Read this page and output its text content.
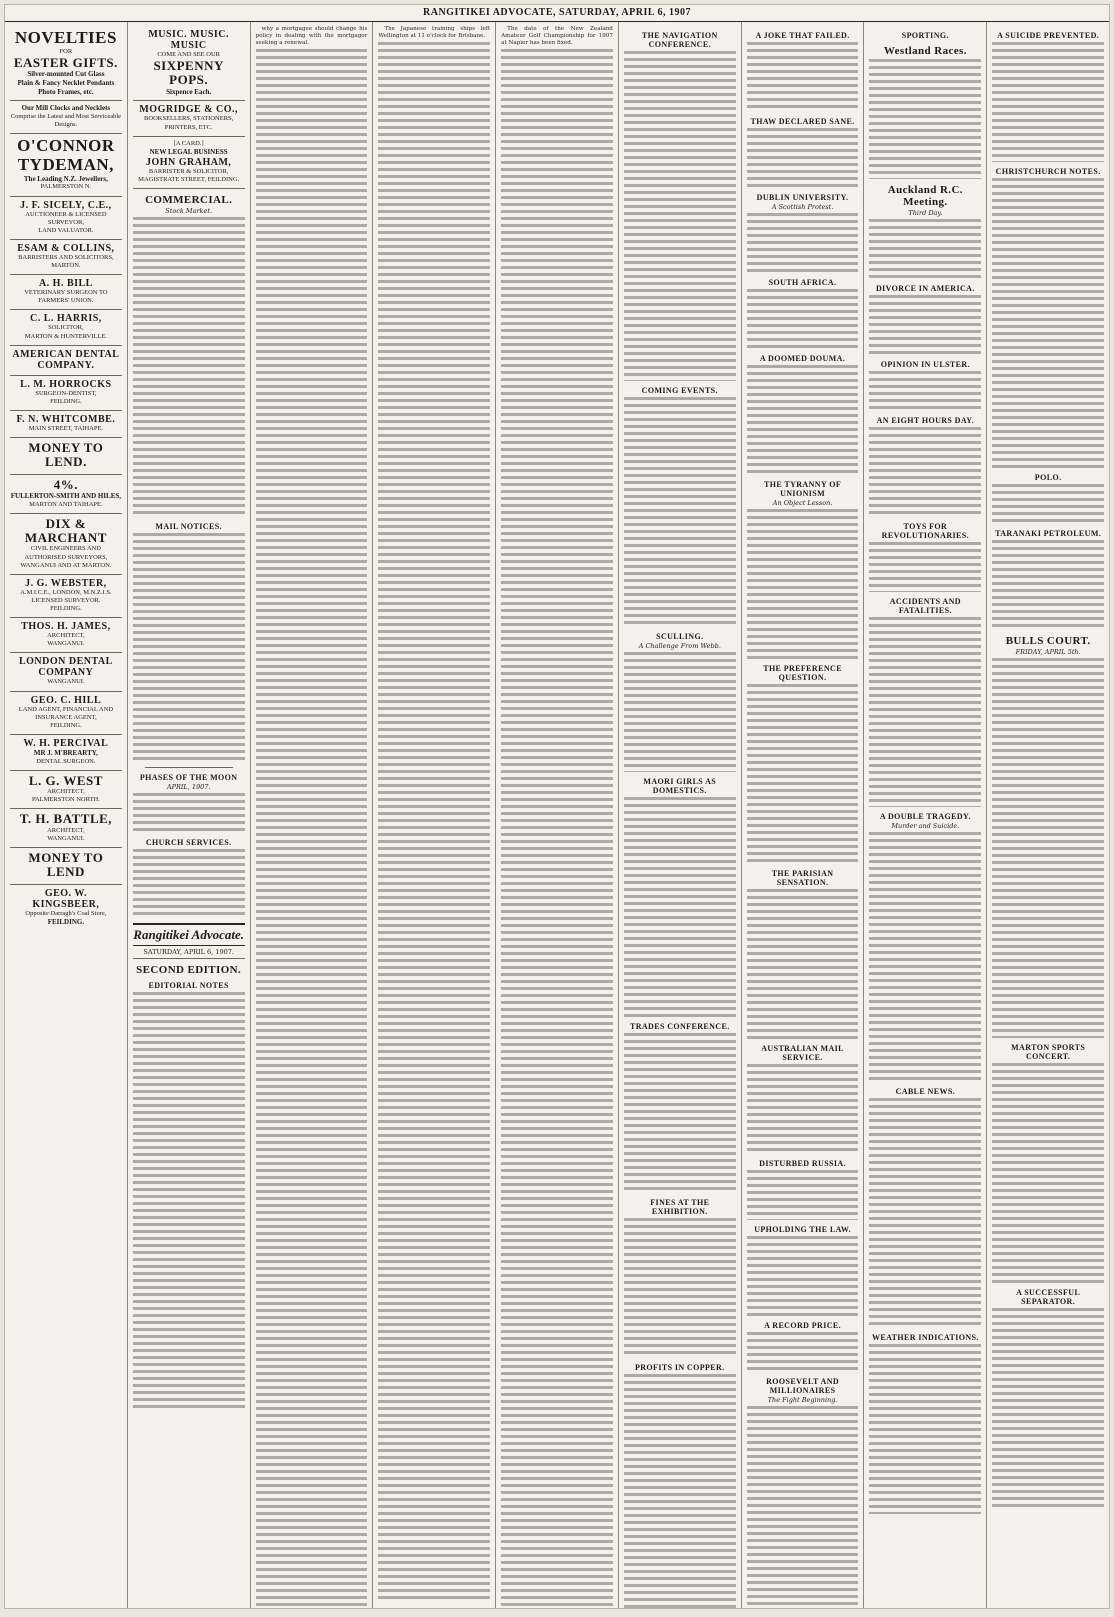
RANGITIKEI ADVOCATE, SATURDAY, APRIL 6, 1907
NOVELTIES
FOR
EASTER GIFTS.
Silver-mounted Cut Glass
Plain & Fancy Necklet Pendants
Photo Frames, etc.
Our Mill Clocks and Necklets
Comprise the Latest and Most Serviceable Designs.
O'CONNOR
TYDEMAN,
The Leading N.Z. Jewellers,
PALMERSTON N.
J. F. SICELY, C.E.,
AUCTIONEER & LICENSED SURVEYOR,
LAND VALUATOR.
ESAM & COLLINS,
BARRISTERS AND SOLICITORS,
MARTON.
A. H. BILL
VETERINARY SURGEON TO FARMERS' UNION.
C. L. HARRIS,
SOLICITOR,
MARTON & HUNTERVILLE.
AMERICAN DENTAL COMPANY.
L. M. HORROCKS
SURGEON-DENTIST,
FEILDING.
F. N. WHITCOMBE.
MAIN STREET, TAIHAPE.
MONEY TO LEND.
4%.
FULLERTON-SMITH AND HILES,
MARTON AND TAIHAPE.
DIX & MARCHANT
CIVIL ENGINEERS AND AUTHORISED SURVEYORS,
WANGANUI AND AT MARTON.
J. G. WEBSTER,
A.M.I.C.E., LONDON, M.N.Z.I.S.
LICENSED SURVEYOR.
FEILDING.
THOS. H. JAMES,
ARCHITECT,
WANGANUI.
LONDON DENTAL COMPANY
WANGANUI.
GEO. C. HILL
LAND AGENT, FINANCIAL AND INSURANCE AGENT,
FEILDING.
W. H. PERCIVAL
MR J. M'BREARTY,
DENTAL SURGEON.
L. G. WEST
ARCHITECT,
PALMERSTON NORTH.
T. H. BATTLE,
ARCHITECT,
WANGANUI.
MONEY TO LEND
GEO. W. KINGSBEER,
Opposite Darragh's Coal Store,
FEILDING.
MUSIC. MUSIC. MUSIC
COME AND SEE OUR
SIXPENNY POPS.
Sixpence Each.
MOGRIDGE & CO.,
BOOKSELLERS, STATIONERS,
PRINTERS, ETC.
[A CARD.]
NEW LEGAL BUSINESS
JOHN GRAHAM,
BARRISTER & SOLICITOR,
MAGISTRATE STREET, FEILDING.
COMMERCIAL.
Stock Market.
MAIL NOTICES.
PHASES OF THE MOON
APRIL, 1907.
CHURCH SERVICES.
Rangitikei Advocate.
SATURDAY, APRIL 6, 1907.
SECOND EDITION.
EDITORIAL NOTES
why a mortgagee should change his policy in dealing with the mortgagor seeking a renewal.
The Japanese training ships left Wellington at 11 o'clock for Brisbane.
The date of the New Zealand Amateur Golf Championship for 1907 at Napier has been fixed.
THE NAVIGATION CONFERENCE.
COMING EVENTS.
SCULLING.
A Challenge From Webb.
MAORI GIRLS AS DOMESTICS.
TRADES CONFERENCE.
FINES AT THE EXHIBITION.
PROFITS IN COPPER.
A JOKE THAT FAILED.
THAW DECLARED SANE.
DUBLIN UNIVERSITY.
A Scottish Protest.
SOUTH AFRICA.
A DOOMED DOUMA.
THE TYRANNY OF UNIONISM
An Object Lesson.
THE PREFERENCE QUESTION.
THE PARISIAN SENSATION.
AUSTRALIAN MAIL SERVICE.
DISTURBED RUSSIA.
UPHOLDING THE LAW.
A RECORD PRICE.
ROOSEVELT AND MILLIONAIRES
The Fight Beginning.
SPORTING.
Westland Races.
Auckland R.C. Meeting.
Third Day.
DIVORCE IN AMERICA.
OPINION IN ULSTER.
AN EIGHT HOURS DAY.
TOYS FOR REVOLUTIONARIES.
ACCIDENTS AND FATALITIES.
A DOUBLE TRAGEDY.
Murder and Suicide.
CABLE NEWS.
WEATHER INDICATIONS.
A SUICIDE PREVENTED.
CHRISTCHURCH NOTES.
POLO.
TARANAKI PETROLEUM.
BULLS COURT.
FRIDAY, APRIL 5th.
MARTON SPORTS CONCERT.
A SUCCESSFUL SEPARATOR.
